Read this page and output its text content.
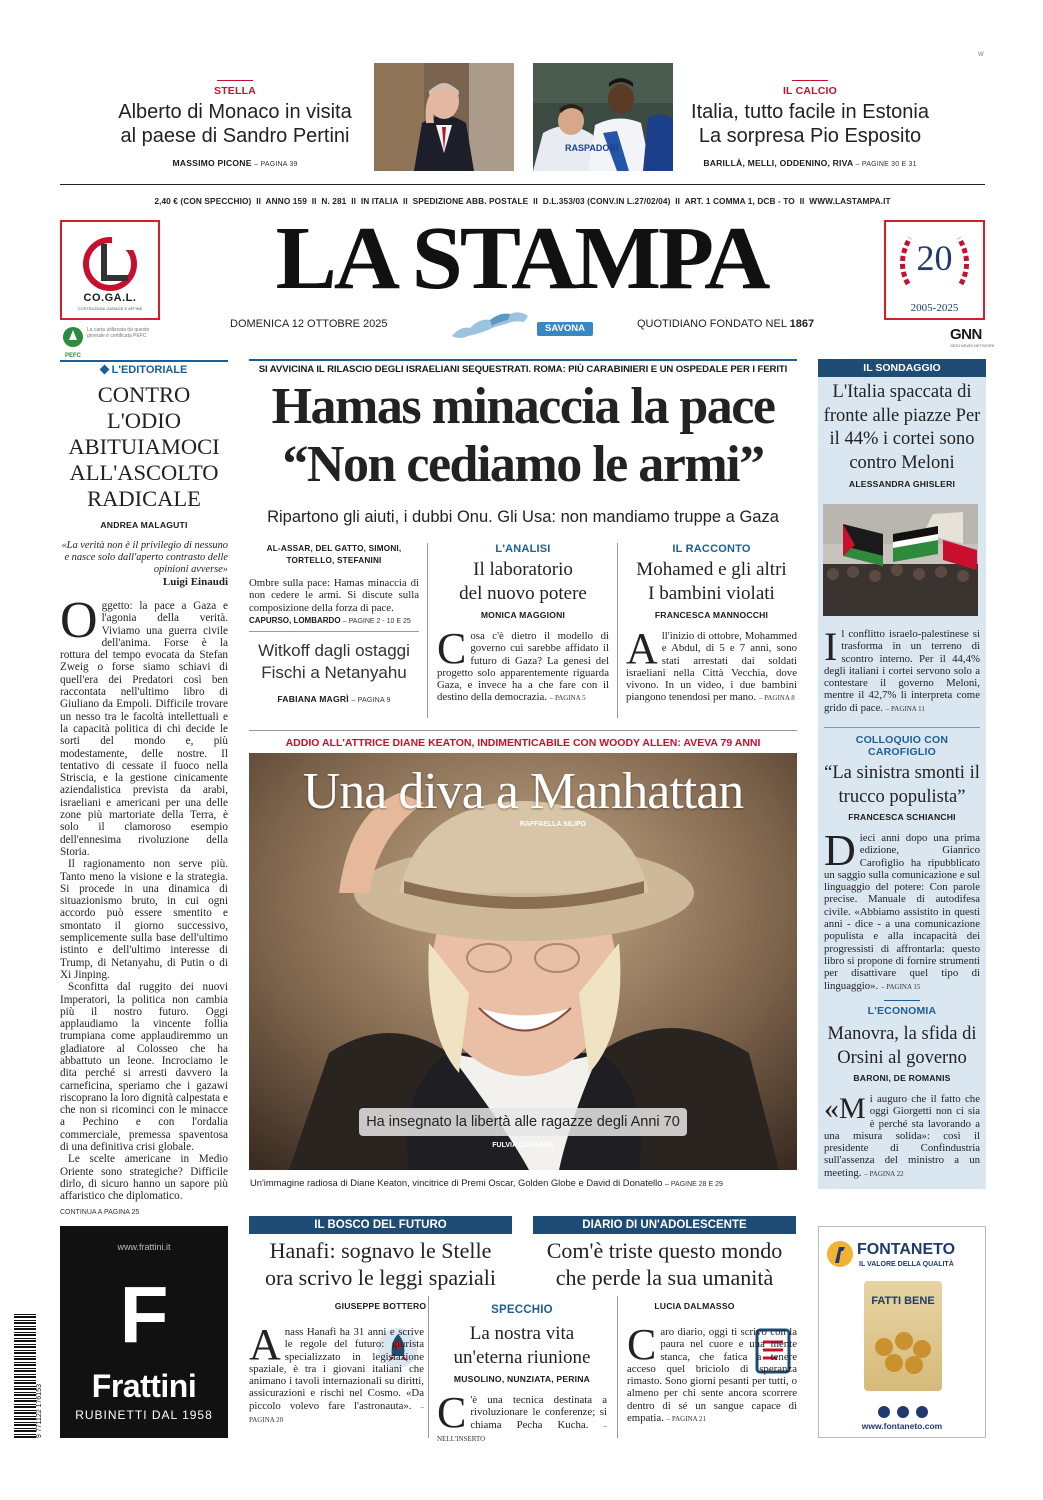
STELLA
Alberto di Monaco in visita
al paese di Sandro Pertini
MASSIMO PICONE – PAGINA 39
RASPADORI
IL CALCIO
Italia, tutto facile in Estonia
La sorpresa Pio Esposito
BARILLÀ, MELLI, ODDENINO, RIVA – PAGINE 30 E 31
W
2,40 € (CON SPECCHIO)  II  ANNO 159  II  N. 281  II  IN ITALIA  II  SPEDIZIONE ABB. POSTALE  II  D.L.353/03 (CONV.IN L.27/02/04)  II  ART. 1 COMMA 1, DCB - TO  II  WWW.LASTAMPA.IT
CO.GA.L.
COSTRUZIONI GARAGE E AFFINE
PEFC
La carta utilizzata da questo giornale è certificata PEFC
LA STAMPA
DOMENICA 12 OTTOBRE 2025	SAVONA	QUOTIDIANO FONDATO NEL 1867
20
2005-2025
GNN
GEDI NEWS NETWORK
L'EDITORIALE
CONTRO L'ODIO ABITUIAMOCI ALL'ASCOLTO RADICALE
ANDREA MALAGUTI
«La verità non è il privilegio di nessuno e nasce solo dall'aperto contrasto delle opinioni avverse»
Luigi Einaudi
Oggetto: la pace a Gaza e l'agonia della verità. Viviamo una guerra civile dell'anima. Forse è la rottura del tempo evocata da Stefan Zweig o forse siamo schiavi di quell'era dei Predatori così ben raccontata nell'ultimo libro di Giuliano da Empoli. Difficile trovare un nesso tra le facoltà intellettuali e la capacità politica di chi decide le sorti del mondo e, più modestamente, delle nostre. Il tentativo di cessate il fuoco nella Striscia, e la gestione cinicamente aziendalistica prevista da arabi, israeliani e americani per una delle zone più martoriate della Terra, è solo il clamoroso esempio dell'ennesima rivoluzione della Storia.
Il ragionamento non serve più. Tanto meno la visione e la strategia. Si procede in una dinamica di situazionismo bruto, in cui ogni accordo può essere smentito e smontato il giorno successivo, semplicemente sulla base dell'ultimo istinto e dell'ultimo interesse di Trump, di Netanyahu, di Putin o di Xi Jinping.
Sconfitta dal ruggito dei nuovi Imperatori, la politica non cambia più il nostro futuro. Oggi applaudiamo la vincente follia trumpiana come applaudiremmo un gladiatore al Colosseo che ha abbattuto un leone. Incrociamo le dita perché si arresti davvero la carneficina, speriamo che i gazawi riscoprano la loro dignità calpestata e che non si ricominci con le minacce a Pechino e con l'ordalia commerciale, premessa spaventosa di una definitiva crisi globale.
Le scelte americane in Medio Oriente sono strategiche? Difficile dirlo, di sicuro hanno un sapore più affaristico che diplomatico.
CONTINUA A PAGINA 25
SI AVVICINA IL RILASCIO DEGLI ISRAELIANI SEQUESTRATI. ROMA: PIÙ CARABINIERI E UN OSPEDALE PER I FERITI
Hamas minaccia la pace
“Non cediamo le armi”
Ripartono gli aiuti, i dubbi Onu. Gli Usa: non mandiamo truppe a Gaza
AL-ASSAR, DEL GATTO, SIMONI,
TORTELLO, STEFANINI
Ombre sulla pace: Hamas minaccia di non cedere le armi. Si discute sulla composizione della forza di pace.
CAPURSO, LOMBARDO – PAGINE 2 - 10 E 25
Witkoff dagli ostaggi
Fischi a Netanyahu
FABIANA MAGRÌ – PAGINA 9
L'ANALISI
Il laboratorio
del nuovo potere
MONICA MAGGIONI
Cosa c'è dietro il modello di governo cui sarebbe affidato il futuro di Gaza? La genesi del progetto solo apparentemente riguarda Gaza, e invece ha a che fare con il destino della democrazia. – PAGINA 5
IL RACCONTO
Mohamed e gli altri
I bambini violati
FRANCESCA MANNOCCHI
All'inizio di ottobre, Mohammed e Abdul, di 5 e 7 anni, sono stati arrestati dai soldati israeliani nella Città Vecchia, dove vivono. In un video, i due bambini piangono tenendosi per mano. – PAGINA 8
ADDIO ALL'ATTRICE DIANE KEATON, INDIMENTICABILE CON WOODY ALLEN: AVEVA 79 ANNI
Una diva a Manhattan
RAFFAELLA SILIPO
Ha insegnato la libertà alle ragazze degli Anni 70
FULVIA CAPRARA
Un'immagine radiosa di Diane Keaton, vincitrice di Premi Oscar, Golden Globe e David di Donatello – PAGINE 28 E 29
IL SONDAGGIO
L'Italia spaccata di fronte alle piazze Per il 44% i cortei sono contro Meloni
ALESSANDRA GHISLERI
Il conflitto israelo-palestinese si trasforma in un terreno di scontro interno. Per il 44,4% degli italiani i cortei servono solo a contestare il governo Meloni, mentre il 42,7% li interpreta come grido di pace. – PAGINA 11
COLLOQUIO CON CAROFIGLIO
“La sinistra smonti il trucco populista”
FRANCESCA SCHIANCHI
Dieci anni dopo una prima edizione, Gianrico Carofiglio ha ripubblicato un saggio sulla comunicazione e sul linguaggio del potere: Con parole precise. Manuale di autodifesa civile. «Abbiamo assistito in questi anni - dice - a una comunicazione populista e alla incapacità dei progressisti di affrontarla: questo libro si propone di fornire strumenti per disattivare quel tipo di linguaggio». – PAGINA 15
L'ECONOMIA
Manovra, la sfida di Orsini al governo
BARONI, DE ROMANIS
«Mi auguro che il fatto che oggi Giorgetti non ci sia è perché sta lavorando a una misura solida»: così il presidente di Confindustria sull'assenza del ministro a un meeting. – PAGINA 22
www.frattini.it
F
Frattini
RUBINETTI DAL 1958
9 771122 176153
IL BOSCO DEL FUTURO
Hanafi: sognavo le Stelle
ora scrivo le leggi spaziali
GIUSEPPE BOTTERO
Anass Hanafi ha 31 anni e scrive le regole del futuro: giurista specializzato in legislazione spaziale, è tra i giovani italiani che animano i tavoli internazionali su diritti, assicurazioni e rischi nel Cosmo. «Da piccolo volevo fare l'astronauta». – PAGINA 20
SPECCHIO
La nostra vita
un'eterna riunione
MUSOLINO, NUNZIATA, PERINA
C 'è una tecnica destinata a rivoluzionare le conferenze; si chiama Pecha Kucha. – NELL'INSERTO
DIARIO DI UN'ADOLESCENTE
Com'è triste questo mondo
che perde la sua umanità
LUCIA DALMASSO
Caro diario, oggi ti scrivo con la paura nel cuore e una mente stanca, che fatica a tenere acceso quel briciolo di speranza rimasto. Sono giorni pesanti per tutti, o almeno per chi sente ancora scorrere dentro di sé un sangue capace di empatia. – PAGINA 21
FONTANETO
IL VALORE DELLA QUALITÀ
FATTI BENE
www.fontaneto.com
